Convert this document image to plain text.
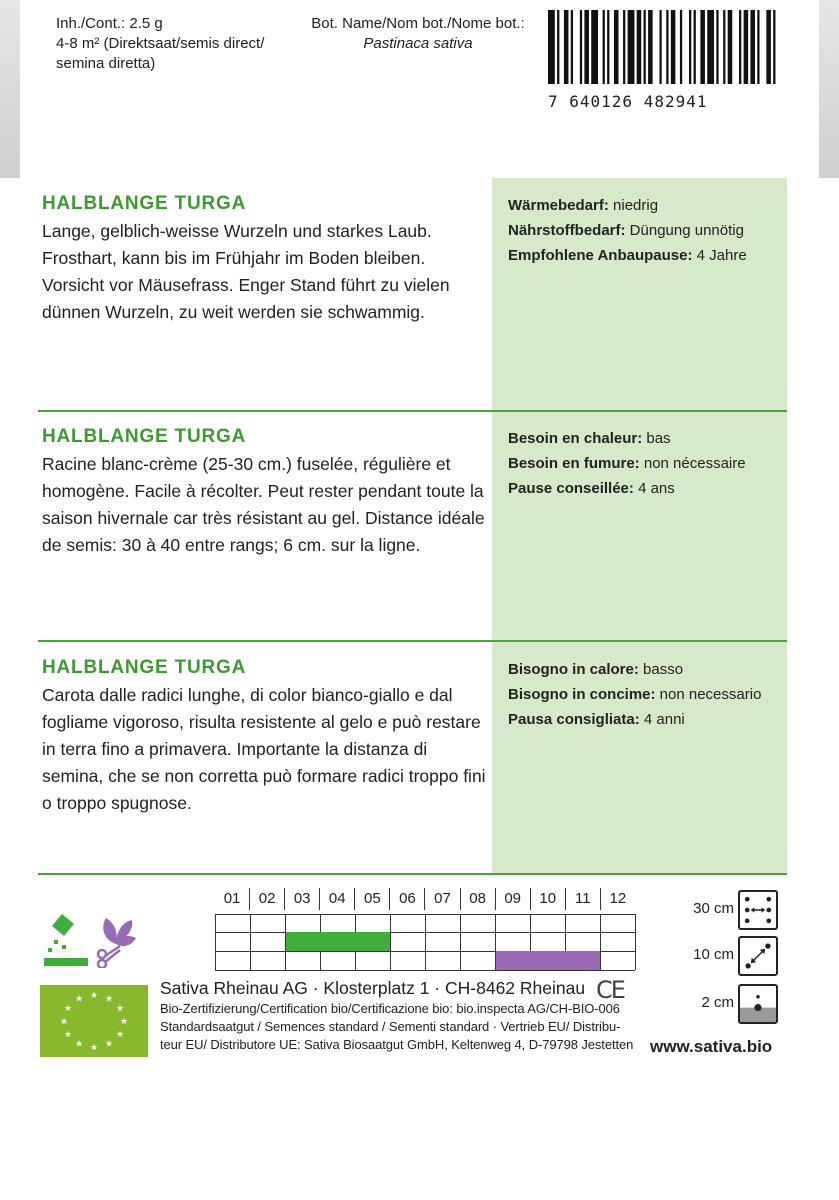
Inh./Cont.: 2.5 g
4-8 m² (Direktsaat/semis direct/
semina diretta)
Bot. Name/Nom bot./Nome bot.:
Pastinaca sativa
7 640126 482941
HALBLANGE TURGA

Lange, gelblich-weisse Wurzeln und starkes Laub. Frosthart, kann bis im Frühjahr im Boden bleiben. Vorsicht vor Mäusefrass. Enger Stand führt zu vielen dünnen Wurzeln, zu weit werden sie schwammig.

Wärmebedarf: niedrig
Nährstoffbedarf: Düngung unnötig
Empfohlene Anbaupause: 4 Jahre
HALBLANGE TURGA

Racine blanc-crème (25-30 cm.) fuselée, régulière et homogène. Facile à récolter. Peut rester pendant toute la saison hivernale car très résistant au gel. Distance idéale de semis: 30 à 40 entre rangs; 6 cm. sur la ligne.

Besoin en chaleur: bas
Besoin en fumure: non nécessaire
Pause conseillée: 4 ans
HALBLANGE TURGA

Carota dalle radici lunghe, di color bianco-giallo e dal fogliame vigoroso, risulta resistente al gelo e può restare in terra fino a primavera. Importante la distanza di semina, che se non corretta può formare radici troppo fini o troppo spugnose.

Bisogno in calore: basso
Bisogno in concime: non necessario
Pausa consigliata: 4 anni
01	02	03	04	05	06	07	08	09	10	11	12
★
★
★
★
★
★
★
★
★ ★ ★
★
Sativa Rheinau AG · Klosterplatz 1 · CH-8462 Rheinau
Bio-Zertifizierung/Certification bio/Certificazione bio: bio.inspecta AG/CH-BIO-006
Standardsaatgut / Semences standard / Sementi standard · Vertrieb EU/ Distribu-
teur EU/ Distributore UE: Sativa Biosaatgut GmbH, Keltenweg 4, D-79798 Jestetten
CE
30 cm
10 cm
2 cm
www.sativa.bio
